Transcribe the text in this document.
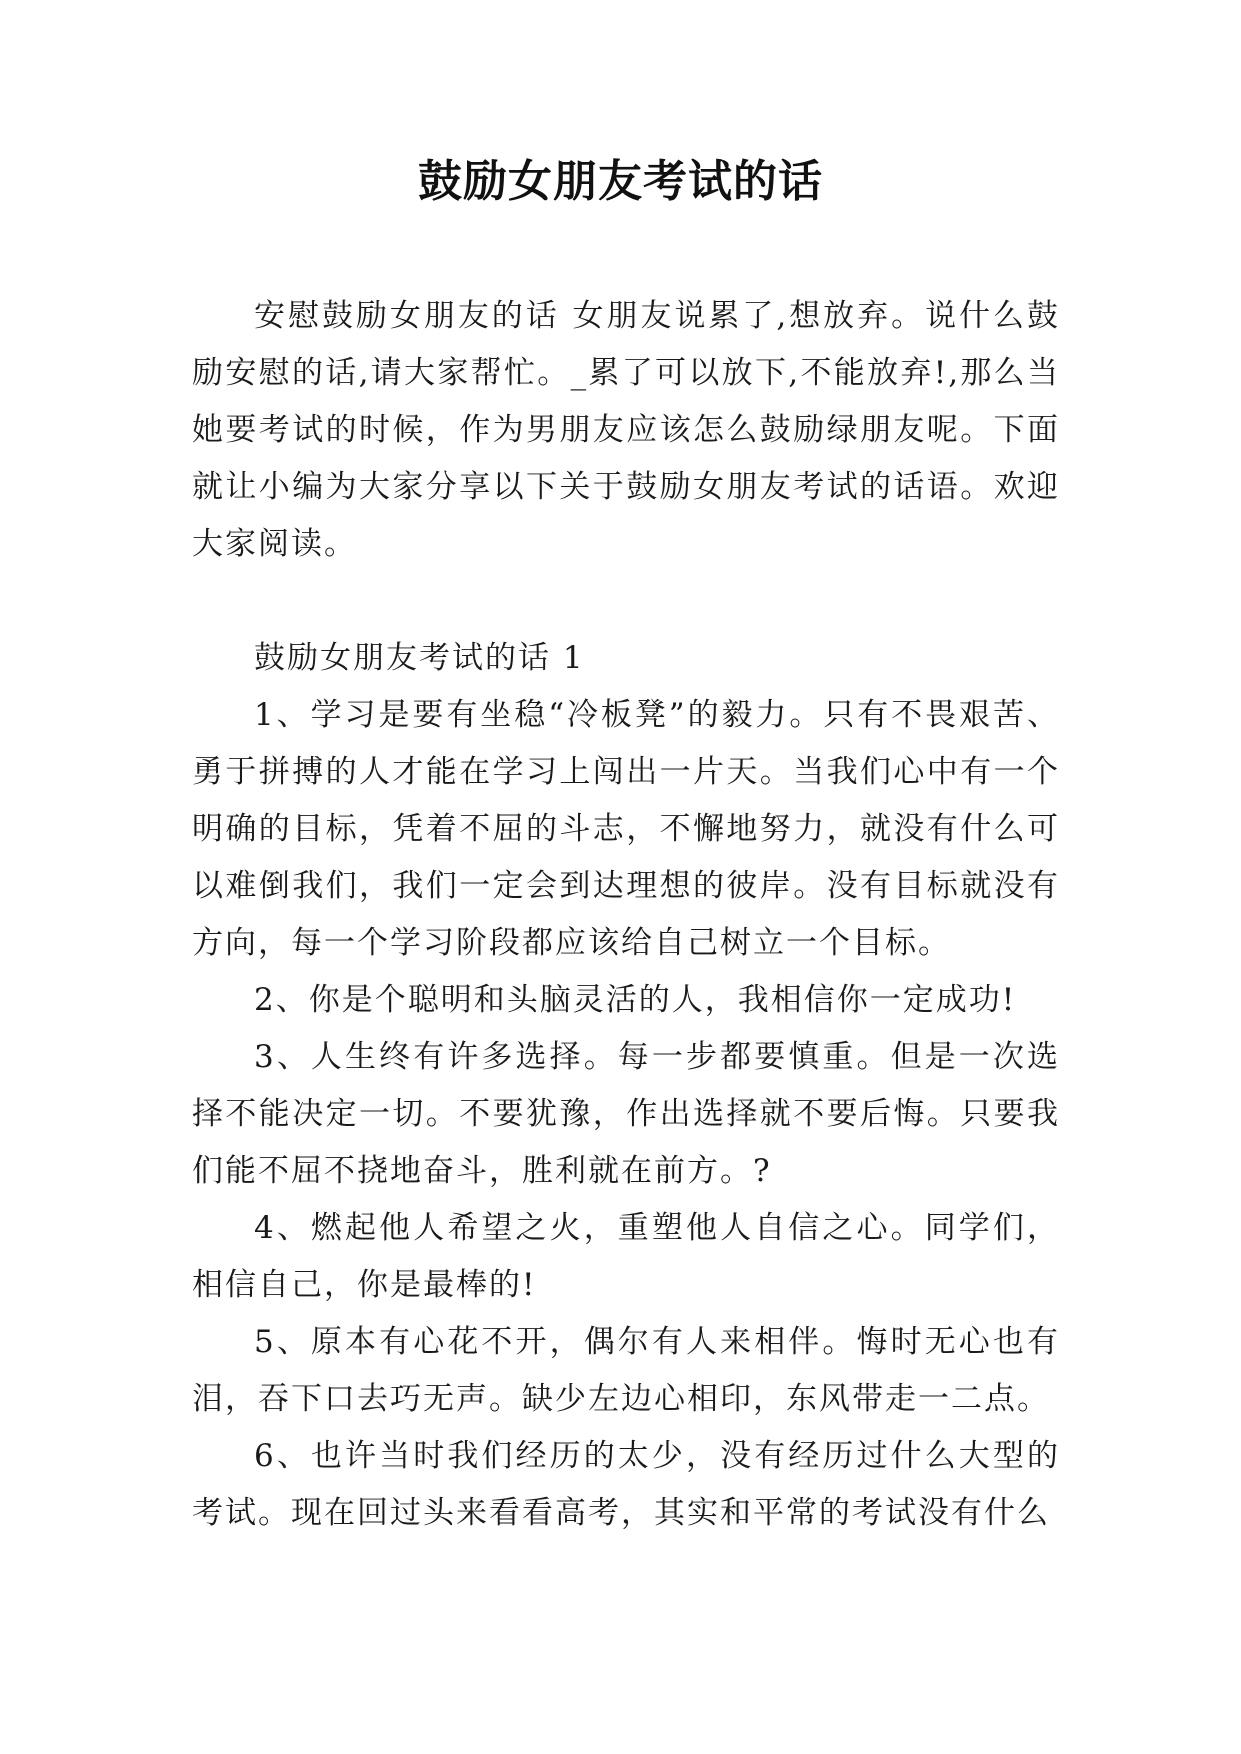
鼓励女朋友考试的话

安慰鼓励女朋友的话 女朋友说累了,想放弃。说什么鼓励安慰的话,请大家帮忙。_累了可以放下,不能放弃!,那么当她要考试的时候，作为男朋友应该怎么鼓励绿朋友呢。下面就让小编为大家分享以下关于鼓励女朋友考试的话语。欢迎大家阅读。

鼓励女朋友考试的话 1

1、学习是要有坐稳“冷板凳”的毅力。只有不畏艰苦、勇于拼搏的人才能在学习上闯出一片天。当我们心中有一个明确的目标，凭着不屈的斗志，不懈地努力，就没有什么可以难倒我们，我们一定会到达理想的彼岸。没有目标就没有方向，每一个学习阶段都应该给自己树立一个目标。

2、你是个聪明和头脑灵活的人，我相信你一定成功!

3、人生终有许多选择。每一步都要慎重。但是一次选择不能决定一切。不要犹豫，作出选择就不要后悔。只要我们能不屈不挠地奋斗，胜利就在前方。?

4、燃起他人希望之火，重塑他人自信之心。同学们，相信自己，你是最棒的!

5、原本有心花不开，偶尔有人来相伴。悔时无心也有泪，吞下口去巧无声。缺少左边心相印，东风带走一二点。

6、也许当时我们经历的太少，没有经历过什么大型的考试。现在回过头来看看高考，其实和平常的考试没有什么
